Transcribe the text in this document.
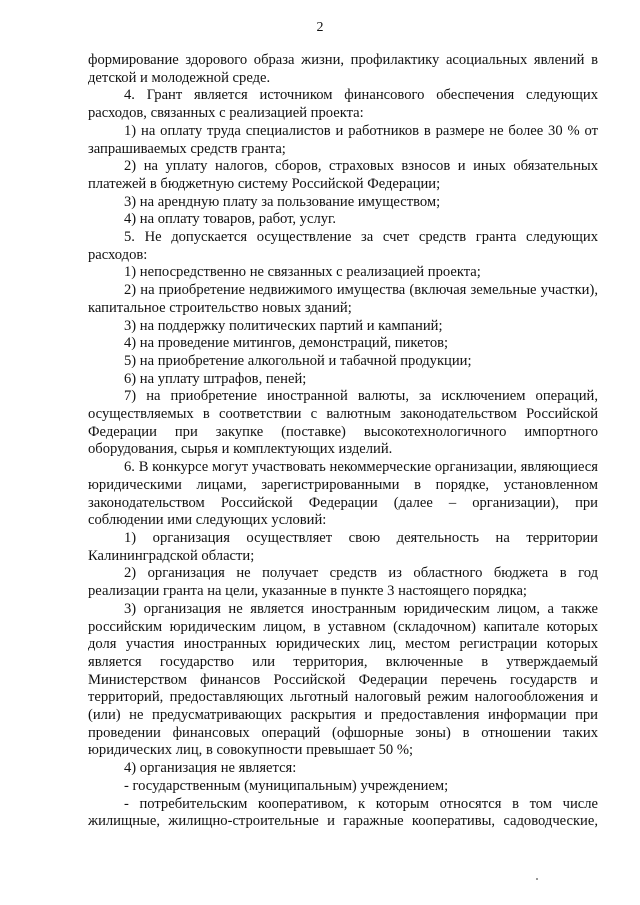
2

формирование здорового образа жизни, профилактику асоциальных явлений в детской и молодежной среде.

4. Грант является источником финансового обеспечения следующих расходов, связанных с реализацией проекта:

1) на оплату труда специалистов и работников в размере не более 30 % от запрашиваемых средств гранта;

2) на уплату налогов, сборов, страховых взносов и иных обязательных платежей в бюджетную систему Российской Федерации;

3) на арендную плату за пользование имуществом;

4) на оплату товаров, работ, услуг.

5. Не допускается осуществление за счет средств гранта следующих расходов:

1) непосредственно не связанных с реализацией проекта;

2) на приобретение недвижимого имущества (включая земельные участки), капитальное строительство новых зданий;

3) на поддержку политических партий и кампаний;

4) на проведение митингов, демонстраций, пикетов;

5) на приобретение алкогольной и табачной продукции;

6) на уплату штрафов, пеней;

7) на приобретение иностранной валюты, за исключением операций, осуществляемых в соответствии с валютным законодательством Российской Федерации при закупке (поставке) высокотехнологичного импортного оборудования, сырья и комплектующих изделий.

6. В конкурсе могут участвовать некоммерческие организации, являющиеся юридическими лицами, зарегистрированными в порядке, установленном законодательством Российской Федерации (далее – организации), при соблюдении ими следующих условий:

1) организация осуществляет свою деятельность на территории Калининградской области;

2) организация не получает средств из областного бюджета в год реализации гранта на цели, указанные в пункте 3 настоящего порядка;

3) организация не является иностранным юридическим лицом, а также российским юридическим лицом, в уставном (складочном) капитале которых доля участия иностранных юридических лиц, местом регистрации которых является государство или территория, включенные в утверждаемый Министерством финансов Российской Федерации перечень государств и территорий, предоставляющих льготный налоговый режим налогообложения и (или) не предусматривающих раскрытия и предоставления информации при проведении финансовых операций (офшорные зоны) в отношении таких юридических лиц, в совокупности превышает 50 %;

4) организация не является:

- государственным (муниципальным) учреждением;

- потребительским кооперативом, к которым относятся в том числе жилищные, жилищно-строительные и гаражные кооперативы, садоводческие,
